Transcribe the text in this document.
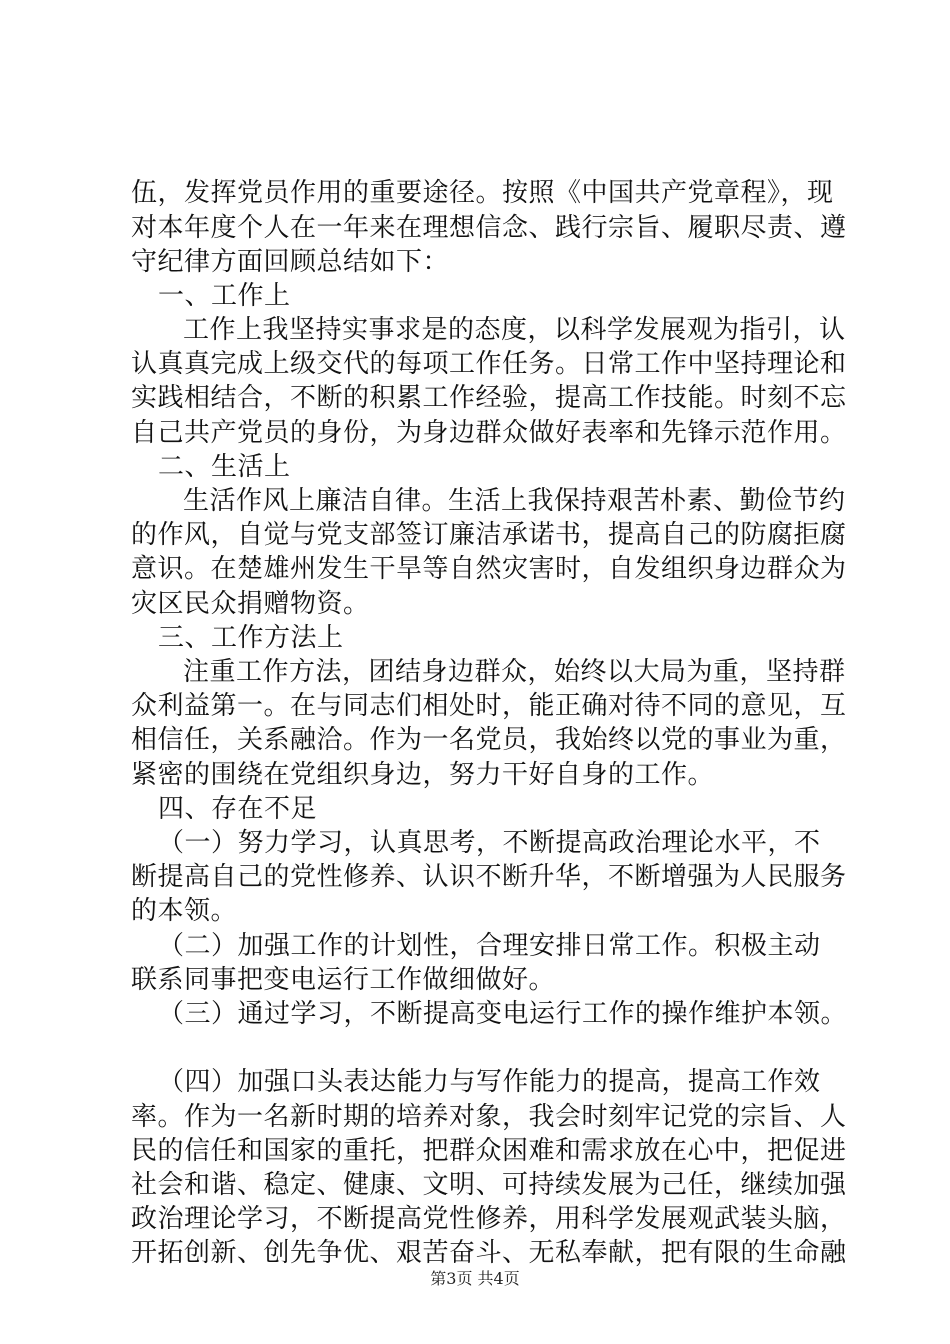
伍，发挥党员作用的重要途径。按照《中国共产党章程》，现
对本年度个人在一年来在理想信念、践行宗旨、履职尽责、遵
守纪律方面回顾总结如下：
一、工作上
工作上我坚持实事求是的态度，以科学发展观为指引，认
认真真完成上级交代的每项工作任务。日常工作中坚持理论和
实践相结合，不断的积累工作经验，提高工作技能。时刻不忘
自己共产党员的身份，为身边群众做好表率和先锋示范作用。
二、生活上
生活作风上廉洁自律。生活上我保持艰苦朴素、勤俭节约
的作风，自觉与党支部签订廉洁承诺书，提高自己的防腐拒腐
意识。在楚雄州发生干旱等自然灾害时，自发组织身边群众为
灾区民众捐赠物资。
三、工作方法上
注重工作方法，团结身边群众，始终以大局为重，坚持群
众利益第一。在与同志们相处时，能正确对待不同的意见，互
相信任，关系融洽。作为一名党员，我始终以党的事业为重，
紧密的围绕在党组织身边，努力干好自身的工作。
四、存在不足
（一）努力学习，认真思考，不断提高政治理论水平，不
断提高自己的党性修养、认识不断升华，不断增强为人民服务
的本领。
（二）加强工作的计划性，合理安排日常工作。积极主动
联系同事把变电运行工作做细做好。
（三）通过学习，不断提高变电运行工作的操作维护本领。
（四）加强口头表达能力与写作能力的提高，提高工作效
率。作为一名新时期的培养对象，我会时刻牢记党的宗旨、人
民的信任和国家的重托，把群众困难和需求放在心中，把促进
社会和谐、稳定、健康、文明、可持续发展为己任，继续加强
政治理论学习，不断提高党性修养，用科学发展观武装头脑，
开拓创新、创先争优、艰苦奋斗、无私奉献，把有限的生命融
第3页 共4页
